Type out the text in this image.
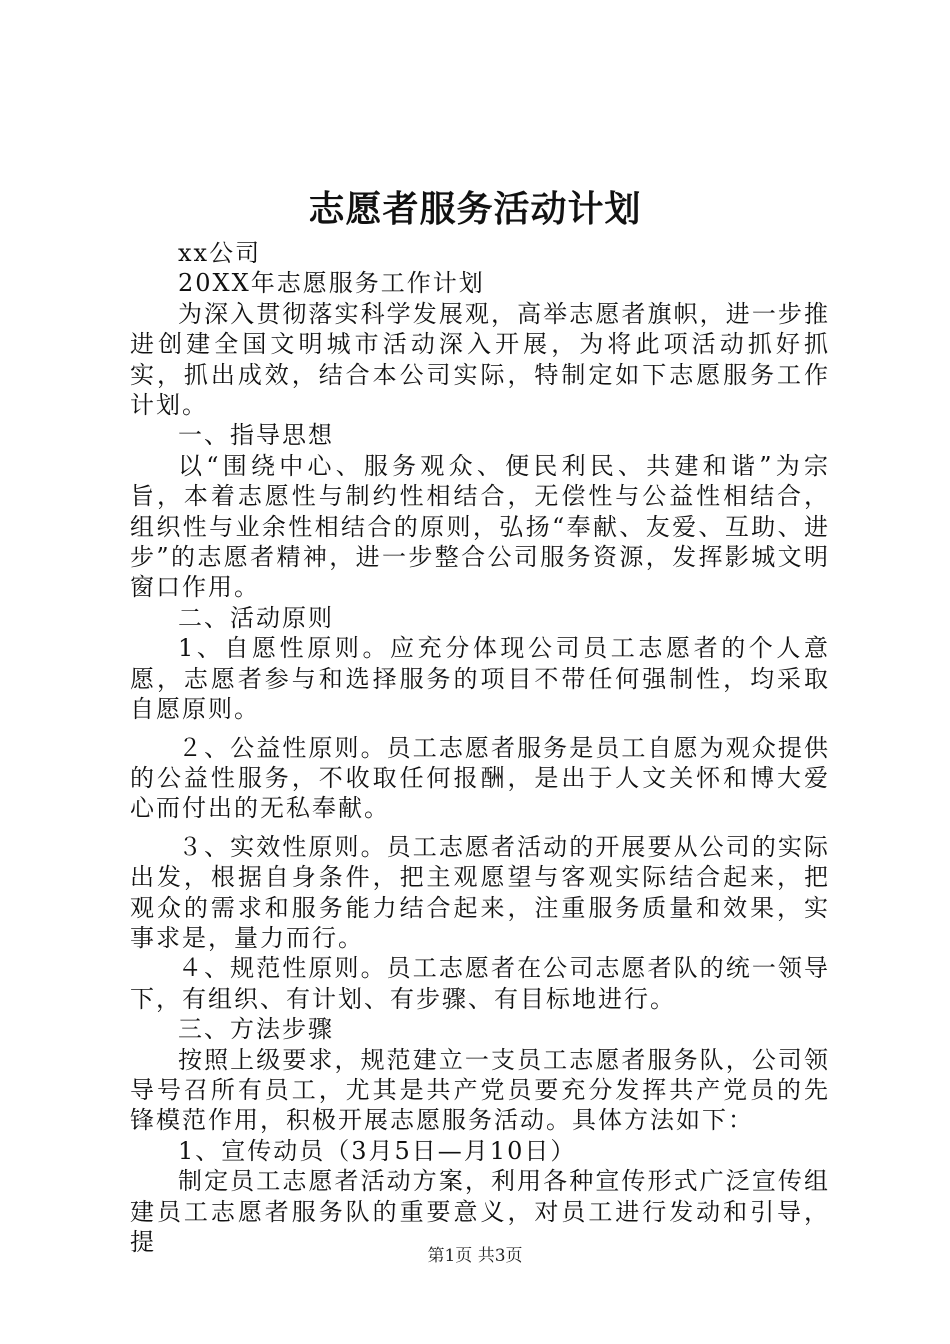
志愿者服务活动计划

xx公司

20XX年志愿服务工作计划

为深入贯彻落实科学发展观，高举志愿者旗帜，进一步推进创建全国文明城市活动深入开展，为将此项活动抓好抓实，抓出成效，结合本公司实际，特制定如下志愿服务工作计划。

一、指导思想

以“围绕中心、服务观众、便民利民、共建和谐”为宗旨，本着志愿性与制约性相结合，无偿性与公益性相结合，组织性与业余性相结合的原则，弘扬“奉献、友爱、互助、进步”的志愿者精神，进一步整合公司服务资源，发挥影城文明窗口作用。

二、活动原则

1、自愿性原则。应充分体现公司员工志愿者的个人意愿，志愿者参与和选择服务的项目不带任何强制性，均采取自愿原则。

２、公益性原则。员工志愿者服务是员工自愿为观众提供的公益性服务，不收取任何报酬，是出于人文关怀和博大爱心而付出的无私奉献。

３、实效性原则。员工志愿者活动的开展要从公司的实际出发，根据自身条件，把主观愿望与客观实际结合起来，把观众的需求和服务能力结合起来，注重服务质量和效果，实事求是，量力而行。

４、规范性原则。员工志愿者在公司志愿者队的统一领导下，有组织、有计划、有步骤、有目标地进行。

三、方法步骤

按照上级要求，规范建立一支员工志愿者服务队，公司领导号召所有员工，尤其是共产党员要充分发挥共产党员的先锋模范作用，积极开展志愿服务活动。具体方法如下：

1、宣传动员（3月5日—月10日）

制定员工志愿者活动方案，利用各种宣传形式广泛宣传组建员工志愿者服务队的重要意义，对员工进行发动和引导，提	第1页 共3页
